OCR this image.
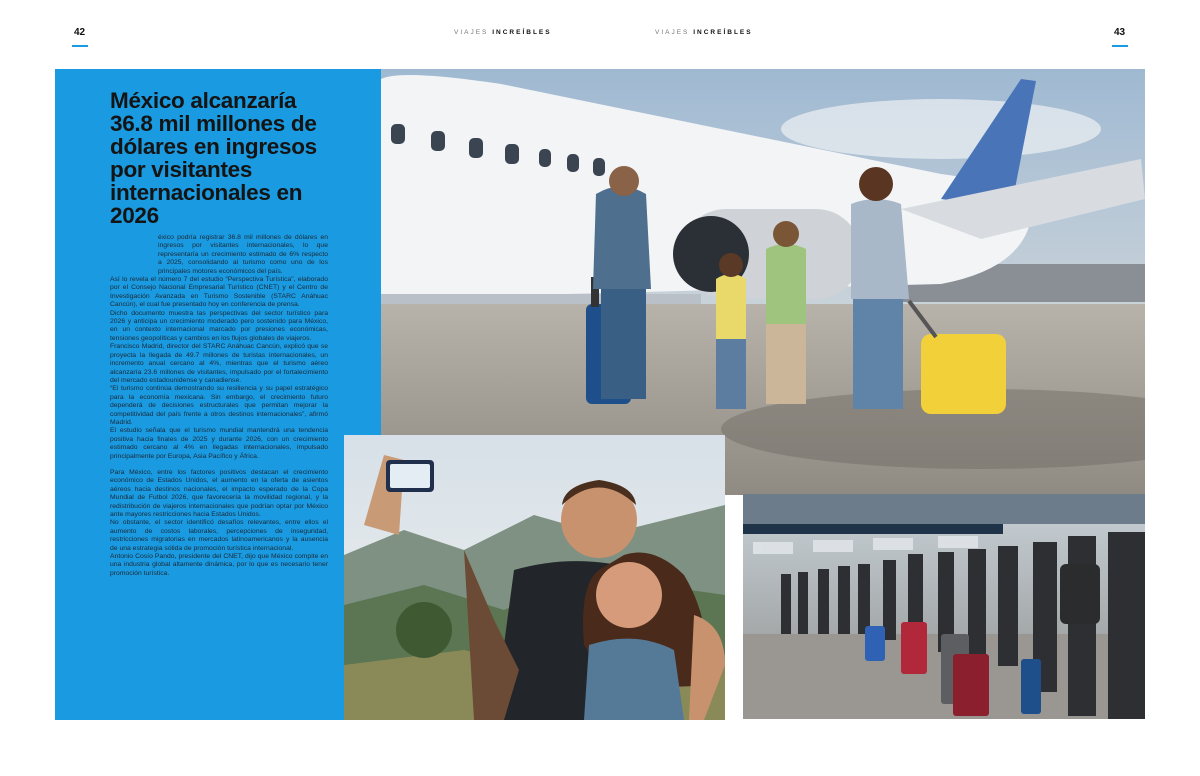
42	VIAJES INCREÍBLES	VIAJES INCREÍBLES	43
México alcanzaría 36.8 mil millones de dólares en ingresos por visitantes internacionales en 2026

éxico podría registrar 36.8 mil millones de dólares en ingresos por visitantes internacionales, lo que representaría un crecimiento estimado de 6% respecto a 2025, consolidando al turismo como uno de los principales motores económicos del país.

Así lo revela el número 7 del estudio “Perspectiva Turística”, elaborado por el Consejo Nacional Empresarial Turístico (CNET) y el Centro de Investigación Avanzada en Turismo Sostenible (STARC Anáhuac Cancún), el cual fue presentado hoy en conferencia de prensa.

Dicho documento muestra las perspectivas del sector turístico para 2026 y anticipa un crecimiento moderado pero sostenido para México, en un contexto internacional marcado por presiones económicas, tensiones geopolíticas y cambios en los flujos globales de viajeros.

Francisco Madrid, director del STARC Anáhuac Cancún, explicó que se proyecta la llegada de 49.7 millones de turistas internacionales, un incremento anual cercano al 4%, mientras que el turismo aéreo alcanzaría 23.6 millones de visitantes, impulsado por el fortalecimiento del mercado estadounidense y canadiense.

“El turismo continúa demostrando su resiliencia y su papel estratégico para la economía mexicana. Sin embargo, el crecimiento futuro dependerá de decisiones estructurales que permitan mejorar la competitividad del país frente a otros destinos internacionales”, afirmó Madrid.

El estudio señala que el turismo mundial mantendrá una tendencia positiva hacia finales de 2025 y durante 2026, con un crecimiento estimado cercano al 4% en llegadas internacionales, impulsado principalmente por Europa, Asia Pacífico y África.

Para México, entre los factores positivos destacan el crecimiento económico de Estados Unidos, el aumento en la oferta de asientos aéreos hacia destinos nacionales, el impacto esperado de la Copa Mundial de Futbol 2026, que favorecería la movilidad regional, y la redistribución de viajeros internacionales que podrían optar por México ante mayores restricciones hacia Estados Unidos.

No obstante, el sector identificó desafíos relevantes, entre ellos el aumento de costos laborales, percepciones de inseguridad, restricciones migratorias en mercados latinoamericanos y la ausencia de una estrategia sólida de promoción turística internacional.

Antonio Cosío Pando, presidente del CNET, dijo que México compite en una industria global altamente dinámica, por lo que es necesario tener promoción turística.
